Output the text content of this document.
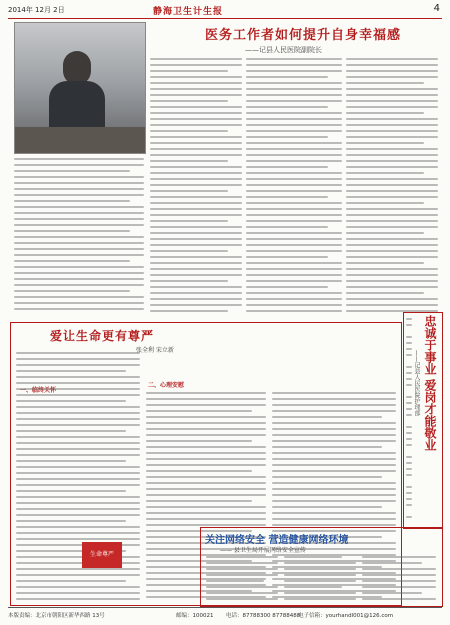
2014年 12月 2日	静海卫生计生报	4
医务工作者如何提升自身幸福感
——记县人民医院副院长
爱让生命更有尊严
张全利 宋立新
一、临终关怀
二、心理安慰
生命尊严
忠诚于事业 爱岗才能敬业
——记县人民医院护理部
关注网络安全 营造健康网络环境
—— 县卫生局开展网络安全宣传
本版责编：北京市朝阳区新华西路 13号	邮编：100021 电话：87788300 87788488
电子信箱：yourhandl001@126.com
